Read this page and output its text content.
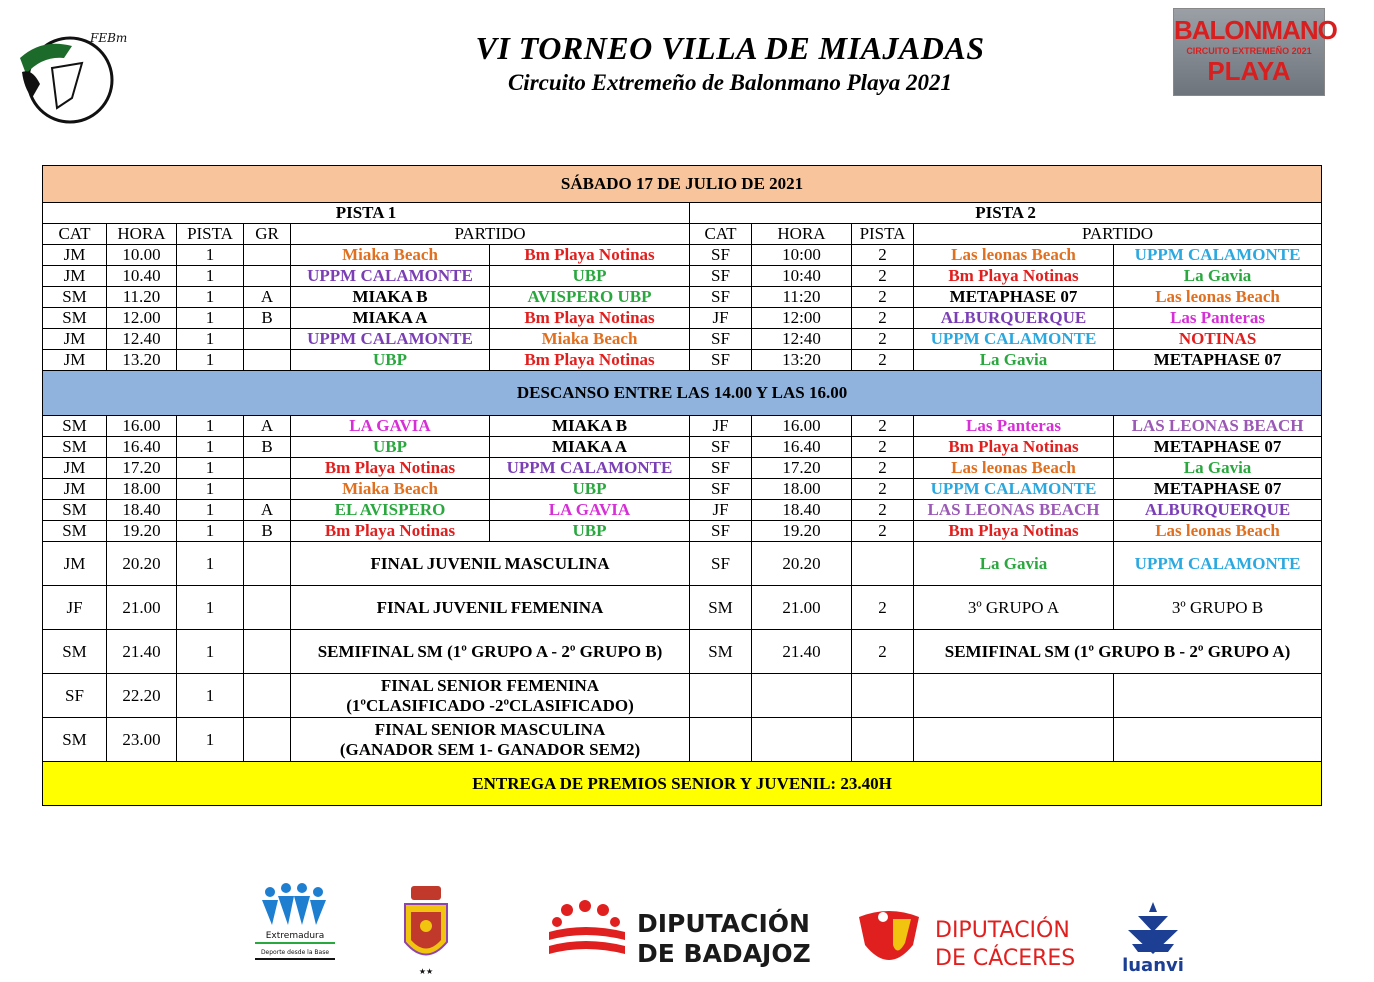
FEBm	VI TORNEO VILLA DE MIAJADAS
Circuito Extremeño de Balonmano Playa 2021
BALONMANO
CIRCUITO EXTREMEÑO 2021
PLAYA
SÁBADO 17 DE JULIO DE 2021										
PISTA 1						PISTA 2				
CAT	HORA	PISTA	GR	PARTIDO		CAT	HORA	PISTA	PARTIDO	
JM	10.00	1		Miaka Beach	Bm Playa Notinas	SF	10:00	2	Las leonas Beach	UPPM CALAMONTE
JM	10.40	1		UPPM CALAMONTE	UBP	SF	10:40	2	Bm Playa Notinas	La Gavia
SM	11.20	1	A	MIAKA B	AVISPERO UBP	SF	11:20	2	METAPHASE 07	Las leonas Beach
SM	12.00	1	B	MIAKA A	Bm Playa Notinas	JF	12:00	2	ALBURQUERQUE	Las Panteras
JM	12.40	1		UPPM CALAMONTE	Miaka Beach	SF	12:40	2	UPPM CALAMONTE	NOTINAS
JM	13.20	1		UBP	Bm Playa Notinas	SF	13:20	2	La Gavia	METAPHASE 07
DESCANSO ENTRE LAS 14.00 Y LAS 16.00										
SM	16.00	1	A	LA GAVIA	MIAKA B	JF	16.00	2	Las Panteras	LAS LEONAS BEACH
SM	16.40	1	B	UBP	MIAKA A	SF	16.40	2	Bm Playa Notinas	METAPHASE 07
JM	17.20	1		Bm Playa Notinas	UPPM CALAMONTE	SF	17.20	2	Las leonas Beach	La Gavia
JM	18.00	1		Miaka Beach	UBP	SF	18.00	2	UPPM CALAMONTE	METAPHASE 07
SM	18.40	1	A	EL AVISPERO	LA GAVIA	JF	18.40	2	LAS LEONAS BEACH	ALBURQUERQUE
SM	19.20	1	B	Bm Playa Notinas	UBP	SF	19.20	2	Bm Playa Notinas	Las leonas Beach
JM	20.20	1		FINAL JUVENIL MASCULINA		SF	20.20		La Gavia	UPPM CALAMONTE
JF	21.00	1		FINAL JUVENIL FEMENINA		SM	21.00	2	3º GRUPO A	3º GRUPO B
SM	21.40	1		SEMIFINAL SM (1º GRUPO A - 2º GRUPO B)		SM	21.40	2	SEMIFINAL SM (1º GRUPO B - 2º GRUPO A)	
SF	22.20	1		FINAL SENIOR FEMENINA
(1ºCLASIFICADO -2ºCLASIFICADO)						

SM	23.00	1		FINAL SENIOR MASCULINA
(GANADOR SEM 1- GANADOR SEM2)						

ENTREGA DE PREMIOS SENIOR Y JUVENIL: 23.40H										
Extremadura
Deporte desde la Base
★★
DIPUTACIÓN
DE BADAJOZ
DIPUTACIÓN
DE CÁCERES	luanvi
